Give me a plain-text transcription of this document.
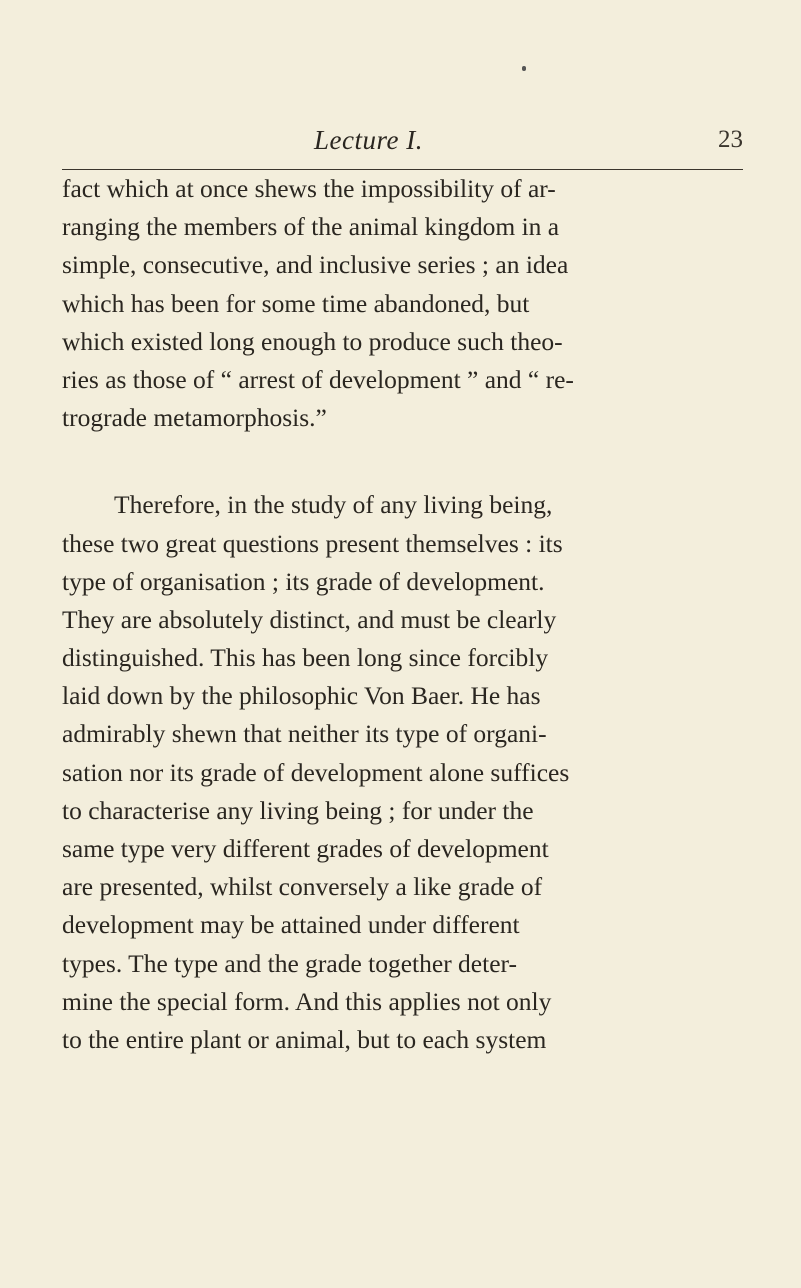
Lecture I.	23
fact which at once shews the impossibility of ar-
ranging the members of the animal kingdom in a
simple, consecutive, and inclusive series ; an idea
which has been for some time abandoned, but
which existed long enough to produce such theo-
ries as those of “ arrest of development ” and “ re-
trograde metamorphosis.”
Therefore, in the study of any living being,
these two great questions present themselves : its
type of organisation ; its grade of development.
They are absolutely distinct, and must be clearly
distinguished. This has been long since forcibly
laid down by the philosophic Von Baer. He has
admirably shewn that neither its type of organi-
sation nor its grade of development alone suffices
to characterise any living being ; for under the
same type very different grades of development
are presented, whilst conversely a like grade of
development may be attained under different
types. The type and the grade together deter-
mine the special form. And this applies not only
to the entire plant or animal, but to each system
